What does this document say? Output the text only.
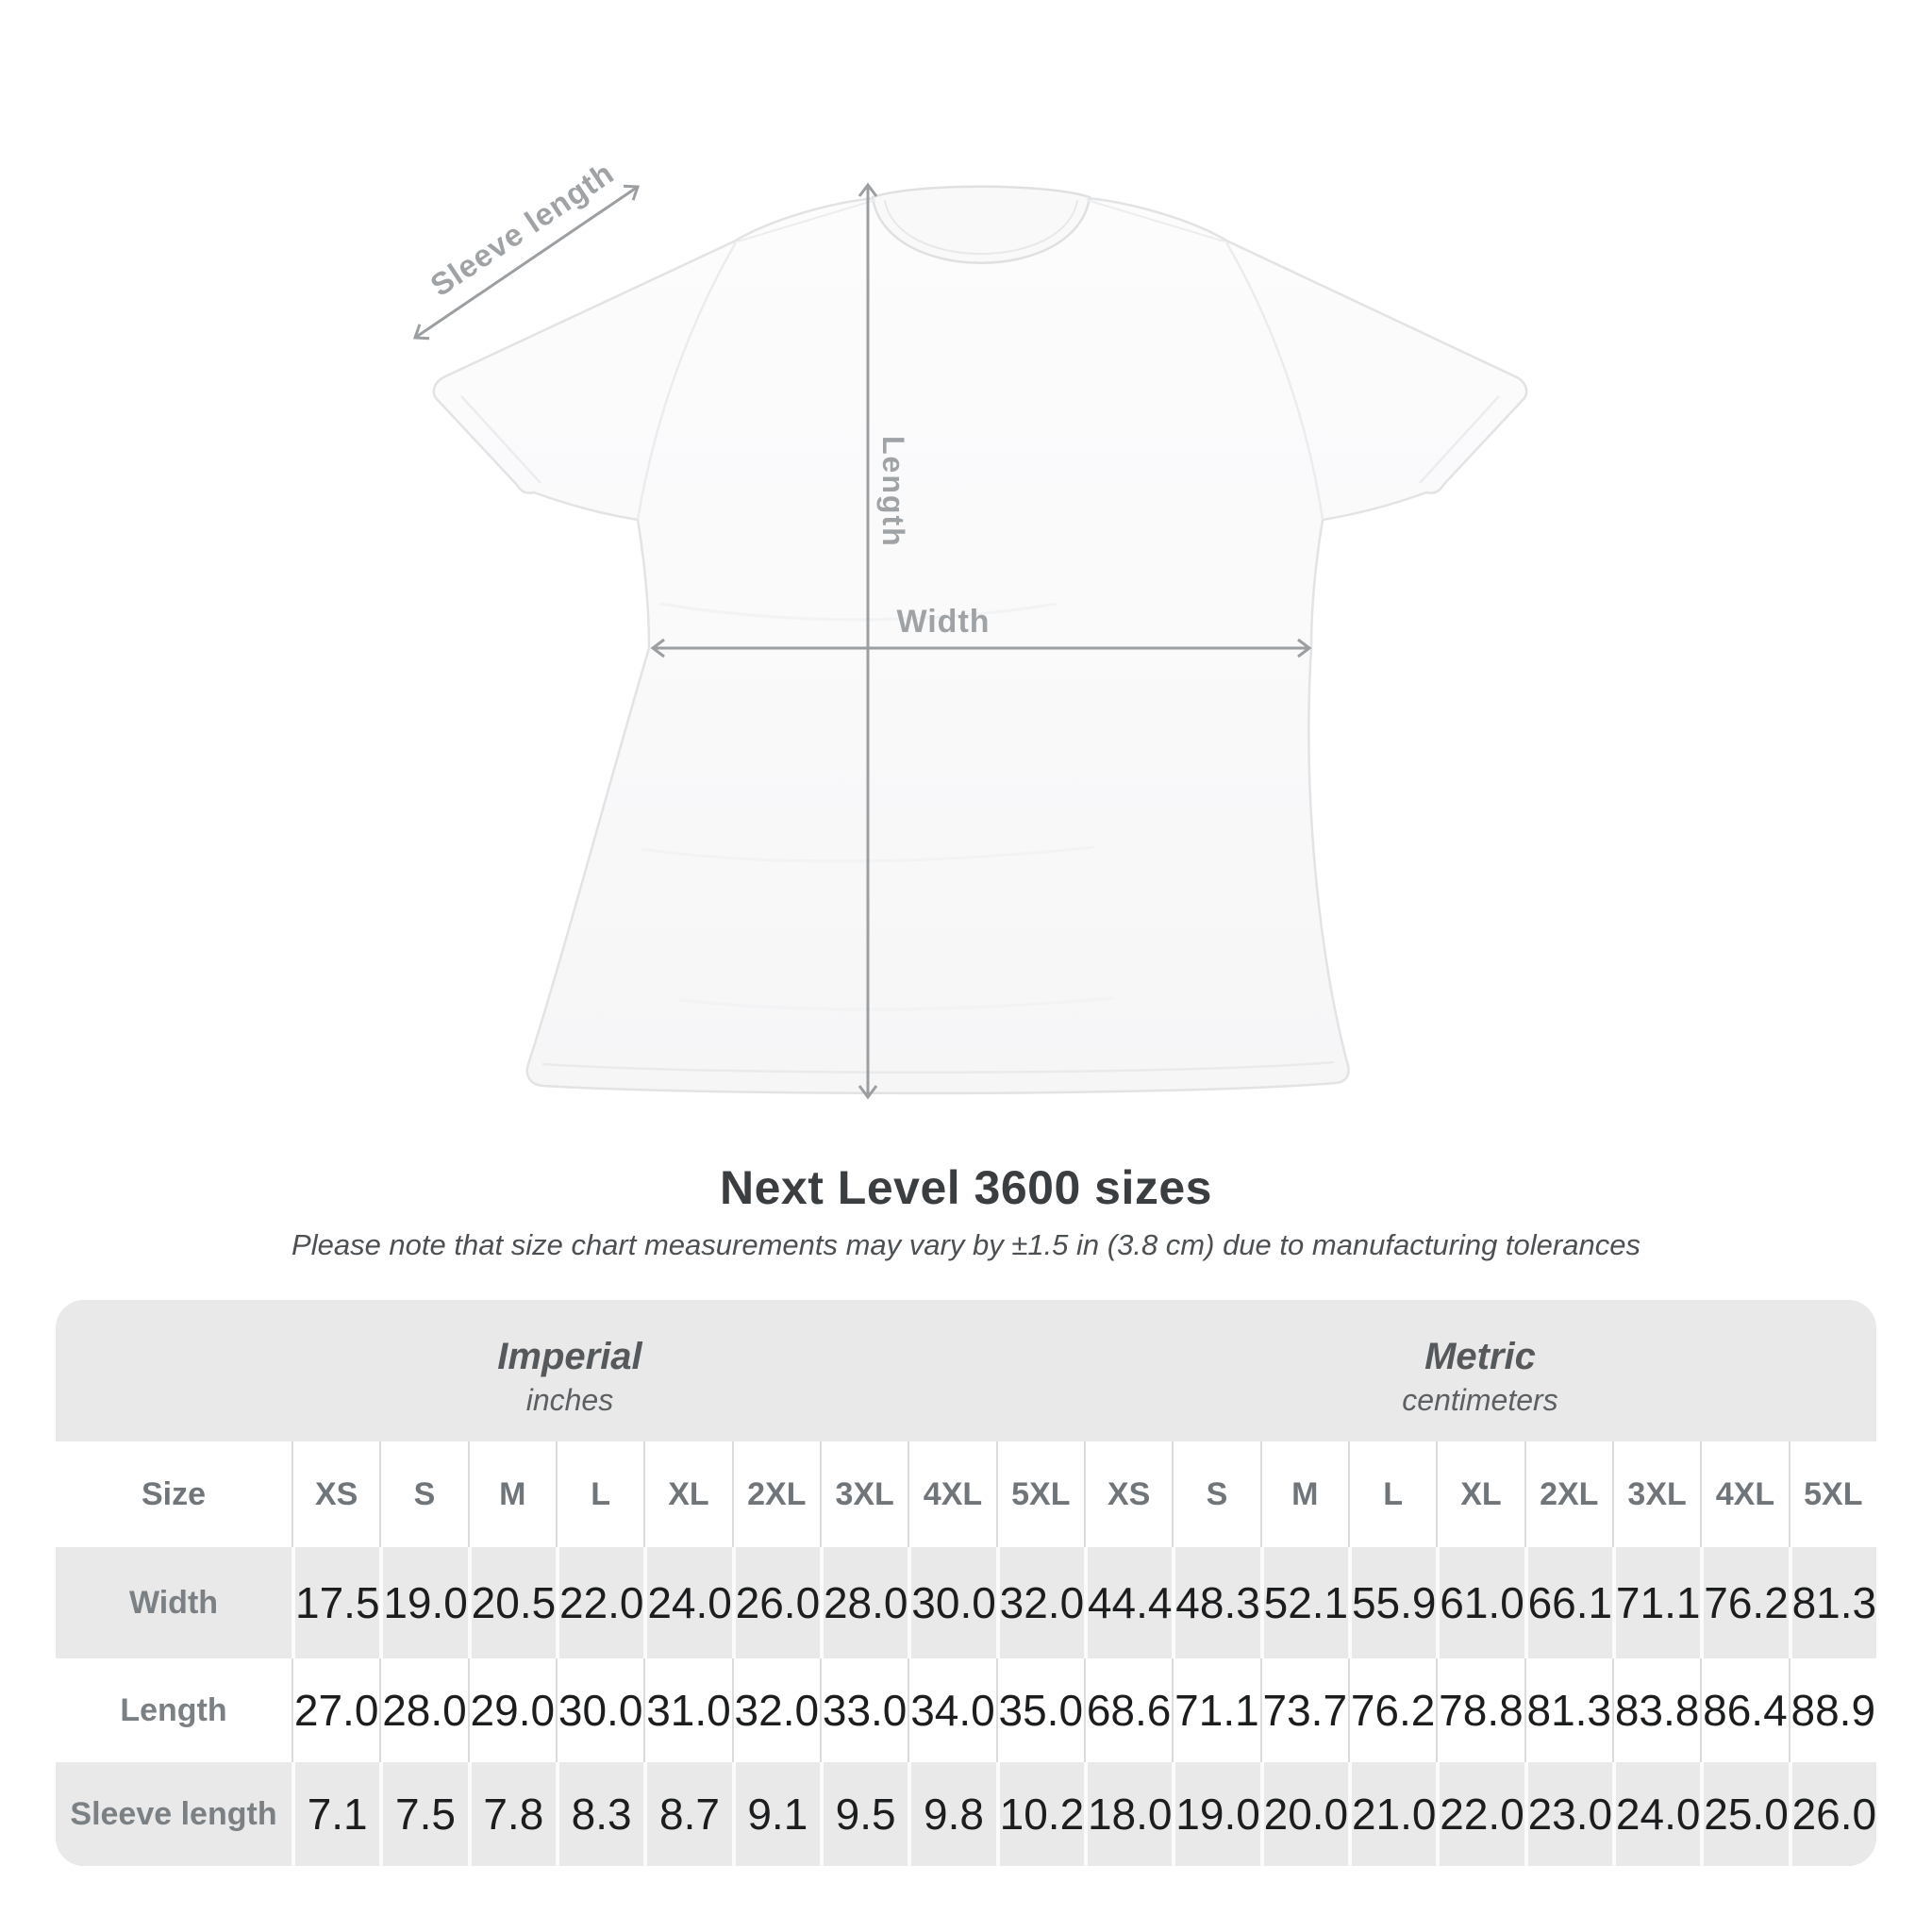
Sleeve length
Length
Width
Next Level 3600 sizes
Please note that size chart measurements may vary by ±1.5 in (3.8 cm) due to manufacturing tolerances
Imperial
inches

Metric
centimeters

Size	XS	S	M	L	XL	2XL	3XL	4XL	5XL	XS	S	M	L	XL	2XL	3XL	4XL	5XL
Width	17.5	19.0	20.5	22.0	24.0	26.0	28.0	30.0	32.0	44.4	48.3	52.1	55.9	61.0	66.1	71.1	76.2	81.3
Length	27.0	28.0	29.0	30.0	31.0	32.0	33.0	34.0	35.0	68.6	71.1	73.7	76.2	78.8	81.3	83.8	86.4	88.9
Sleeve length	7.1	7.5	7.8	8.3	8.7	9.1	9.5	9.8	10.2	18.0	19.0	20.0	21.0	22.0	23.0	24.0	25.0	26.0
